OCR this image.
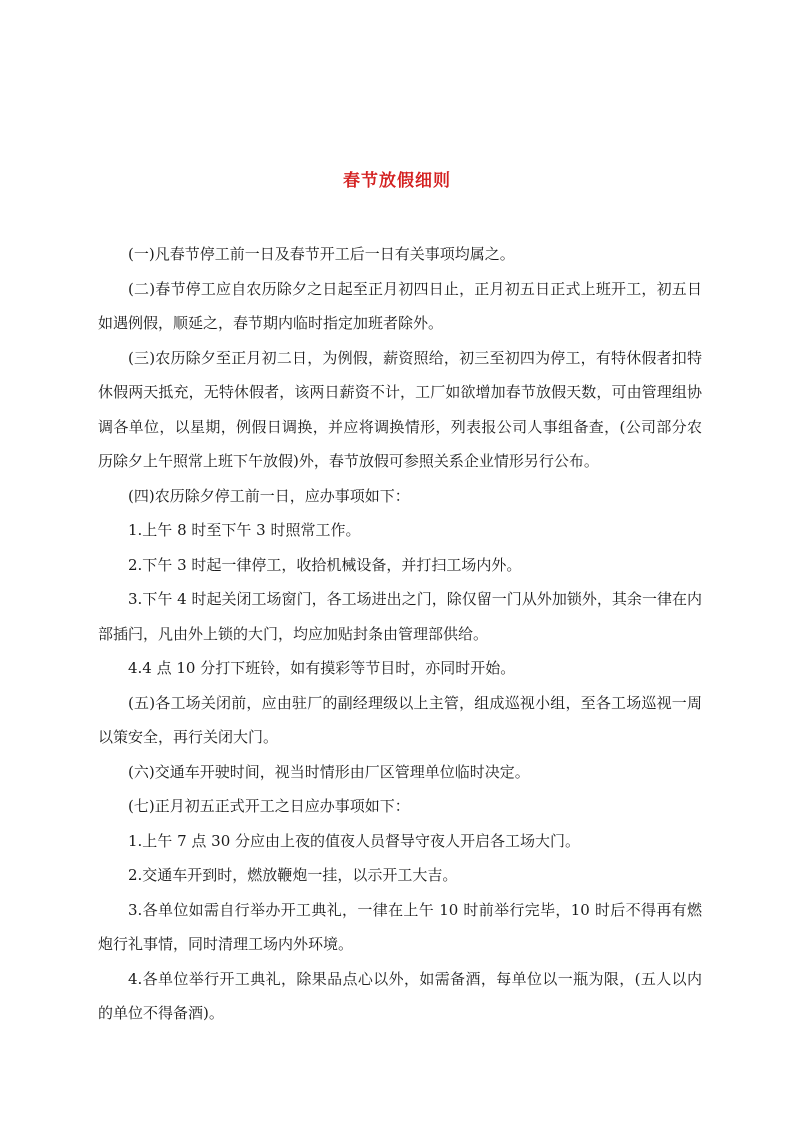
春节放假细则

(一)凡春节停工前一日及春节开工后一日有关事项均属之。

(二)春节停工应自农历除夕之日起至正月初四日止，正月初五日正式上班开工，初五日如遇例假，顺延之，春节期内临时指定加班者除外。

(三)农历除夕至正月初二日，为例假，薪资照给，初三至初四为停工，有特休假者扣特休假两天抵充，无特休假者，该两日薪资不计，工厂如欲增加春节放假天数，可由管理组协调各单位，以星期，例假日调换，并应将调换情形，列表报公司人事组备查，(公司部分农历除夕上午照常上班下午放假)外，春节放假可参照关系企业情形另行公布。

(四)农历除夕停工前一日，应办事项如下：

1.上午 8 时至下午 3 时照常工作。

2.下午 3 时起一律停工，收拾机械设备，并打扫工场内外。

3.下午 4 时起关闭工场窗门，各工场进出之门，除仅留一门从外加锁外，其余一律在内部插闩，凡由外上锁的大门，均应加贴封条由管理部供给。

4.4 点 10 分打下班铃，如有摸彩等节目时，亦同时开始。

(五)各工场关闭前，应由驻厂的副经理级以上主管，组成巡视小组，至各工场巡视一周以策安全，再行关闭大门。

(六)交通车开驶时间，视当时情形由厂区管理单位临时决定。

(七)正月初五正式开工之日应办事项如下：

1.上午 7 点 30 分应由上夜的值夜人员督导守夜人开启各工场大门。

2.交通车开到时，燃放鞭炮一挂，以示开工大吉。

3.各单位如需自行举办开工典礼，一律在上午 10 时前举行完毕，10 时后不得再有燃炮行礼事情，同时清理工场内外环境。

4.各单位举行开工典礼，除果品点心以外，如需备酒，每单位以一瓶为限，(五人以内的单位不得备酒)。
